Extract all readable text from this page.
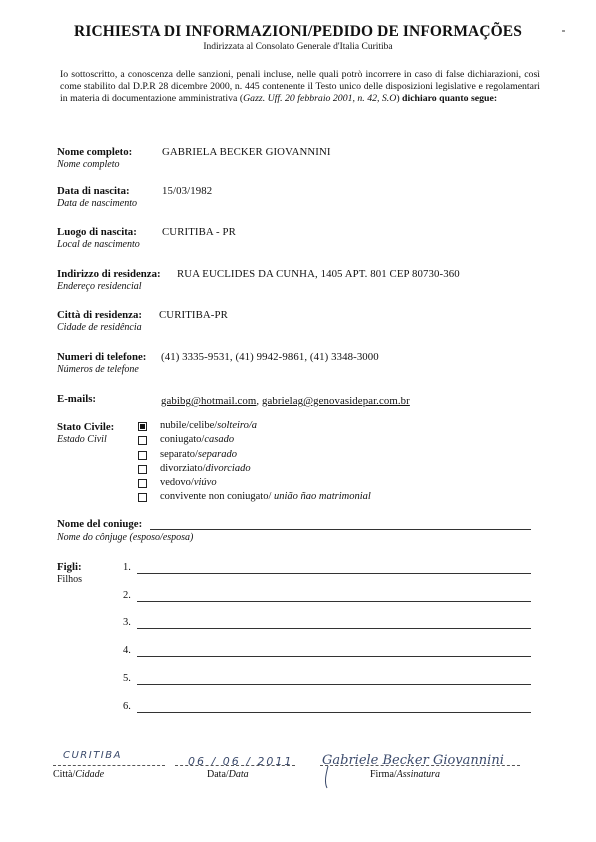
RICHIESTA DI INFORMAZIONI/PEDIDO DE INFORMAÇÕES
Indirizzata al Consolato Generale d'Italia Curitiba
Io sottoscritto, a conoscenza delle sanzioni, penali incluse, nelle quali potrò incorrere in caso di false dichiarazioni, così come stabilito dal D.P.R 28 dicembre 2000, n. 445 contenente il Testo unico delle disposizioni legislative e regolamentari in materia di documentazione amministrativa (Gazz. Uff. 20 febbraio 2001, n. 42, S.O) dichiaro quanto segue:
Nome completo:
Nome completo
GABRIELA BECKER GIOVANNINI
Data di nascita:
Data de nascimento
15/03/1982
Luogo di nascita:
Local de nascimento
CURITIBA - PR
Indirizzo di residenza:
Endereço residencial
RUA EUCLIDES DA CUNHA, 1405 APT. 801 CEP 80730-360
Città di residenza:
Cidade de residência
CURITIBA-PR
Numeri di telefone:
Números de telefone
(41) 3335-9531, (41) 9942-9861, (41) 3348-3000
E-mails:	gabibg@hotmail.com, gabrielag@genovasidepar.com.br
Stato Civile:
Estado Civil
nubile/celibe/solteiro/a
coniugato/casado
separato/separado
divorziato/divorciado
vedovo/viúvo
convivente non coniugato/ união ñao matrimonial
Nome del coniuge:
Nome do cônjuge (esposo/esposa)
Figli:
Filhos
1.
2.
3.
4.
5.
6.
CURITIBA	06 / 06 / 2011 Gabriele Becker Giovannini
Città/Cidade	Data/Data	Firma/Assinatura
